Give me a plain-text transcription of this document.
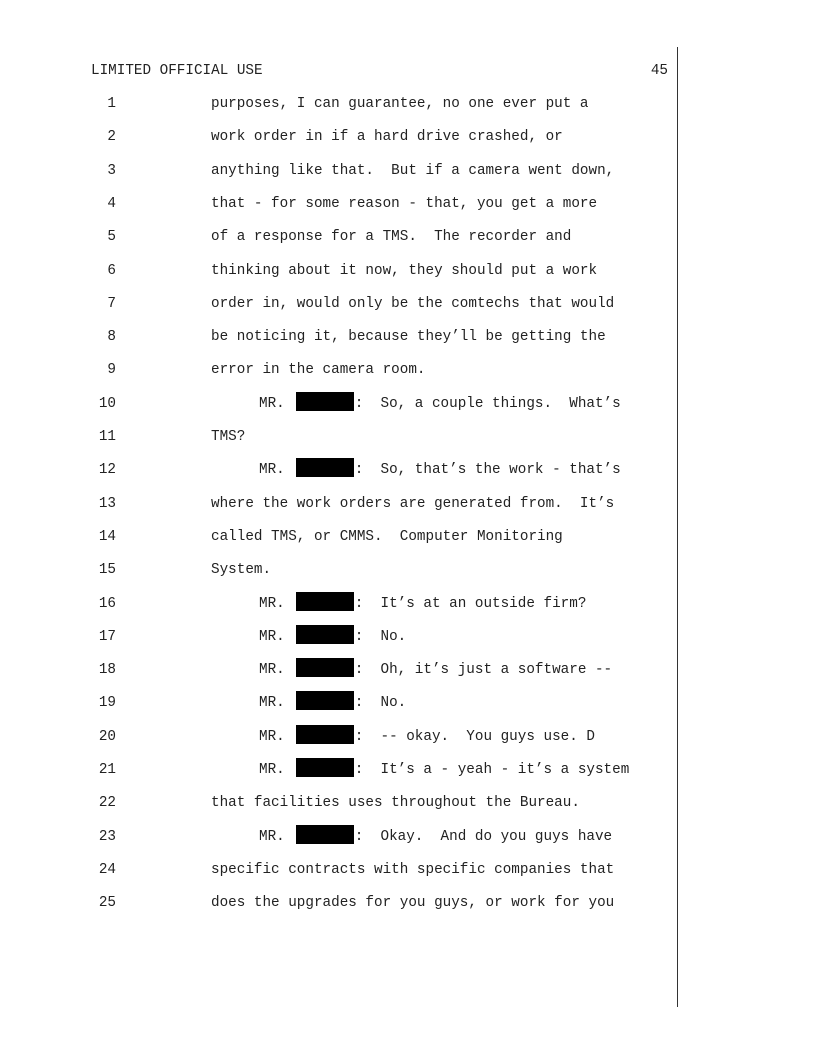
LIMITED OFFICIAL USE	45
1	purposes, I can guarantee, no one ever put a
2	work order in if a hard drive crashed, or
3	anything like that.  But if a camera went down,
4	that - for some reason - that, you get a more
5	of a response for a TMS.  The recorder and
6	thinking about it now, they should put a work
7	order in, would only be the comtechs that would
8	be noticing it, because they’ll be getting the
9	error in the camera room.
10	MR.	:  So, a couple things.  What’s
11	TMS?
12	MR.	:  So, that’s the work - that’s
13	where the work orders are generated from.  It’s
14	called TMS, or CMMS.  Computer Monitoring
15	System.
16	MR.	:  It’s at an outside firm?
17	MR.	:  No.
18	MR.	:  Oh, it’s just a software --
19	MR.	:  No.
20	MR.	:  -- okay.  You guys use. D
21	MR.	:  It’s a - yeah - it’s a system
22	that facilities uses throughout the Bureau.
23	MR.	:  Okay.  And do you guys have
24	specific contracts with specific companies that
25	does the upgrades for you guys, or work for you
